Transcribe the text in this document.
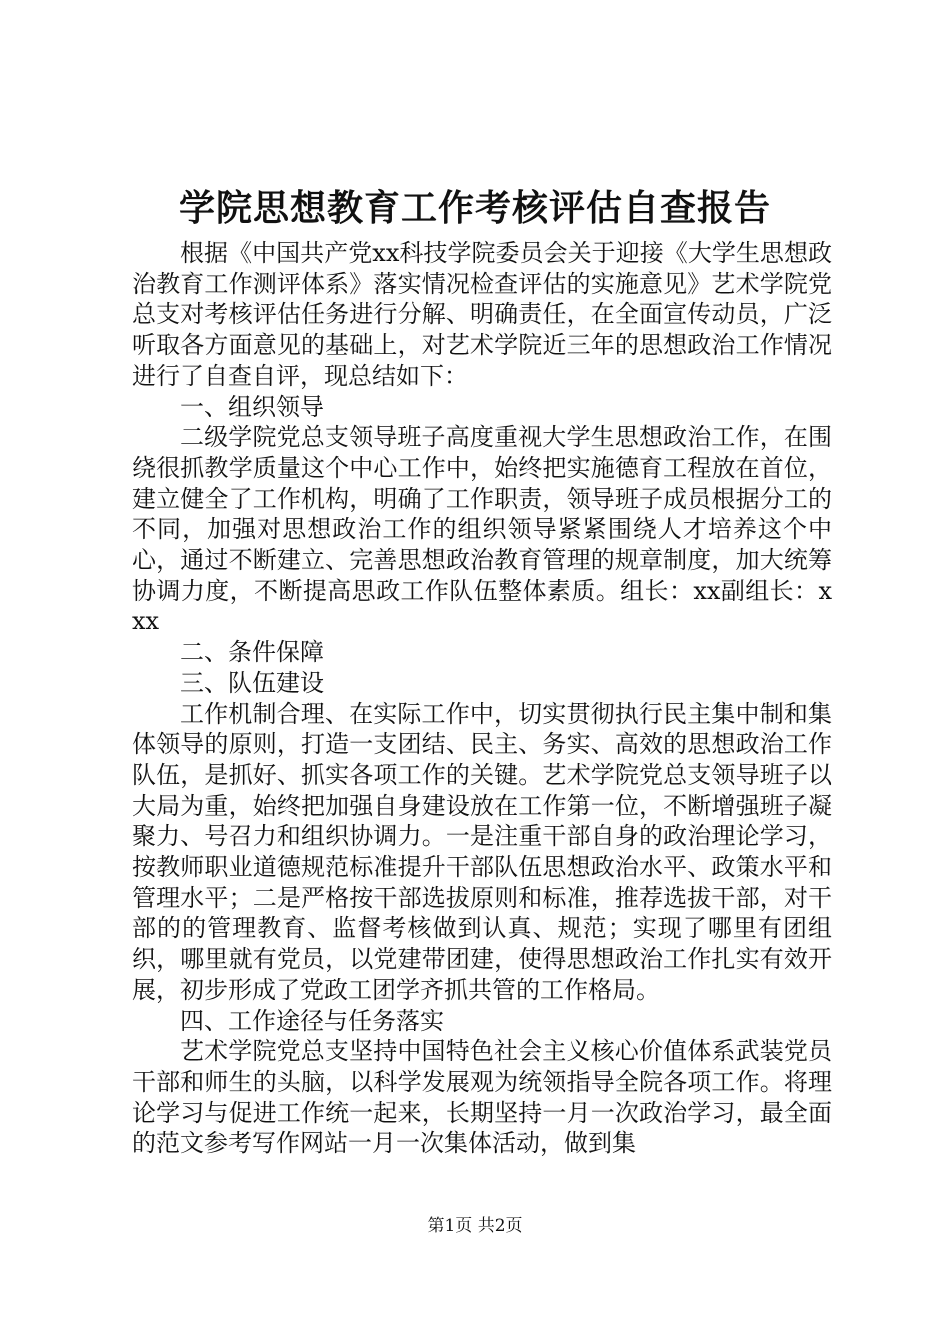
学院思想教育工作考核评估自查报告

根据《中国共产党xx科技学院委员会关于迎接《大学生思想政治教育工作测评体系》落实情况检查评估的实施意见》艺术学院党总支对考核评估任务进行分解、明确责任，在全面宣传动员，广泛听取各方面意见的基础上，对艺术学院近三年的思想政治工作情况进行了自查自评，现总结如下：

一、组织领导

二级学院党总支领导班子高度重视大学生思想政治工作，在围绕很抓教学质量这个中心工作中，始终把实施德育工程放在首位，建立健全了工作机构，明确了工作职责，领导班子成员根据分工的不同，加强对思想政治工作的组织领导紧紧围绕人才培养这个中心，通过不断建立、完善思想政治教育管理的规章制度，加大统筹协调力度，不断提高思政工作队伍整体素质。组长：xx副组长：xxx

二、条件保障

三、队伍建设

工作机制合理、在实际工作中，切实贯彻执行民主集中制和集体领导的原则，打造一支团结、民主、务实、高效的思想政治工作队伍，是抓好、抓实各项工作的关键。艺术学院党总支领导班子以大局为重，始终把加强自身建设放在工作第一位，不断增强班子凝聚力、号召力和组织协调力。一是注重干部自身的政治理论学习，按教师职业道德规范标准提升干部队伍思想政治水平、政策水平和管理水平；二是严格按干部选拔原则和标准，推荐选拔干部，对干部的的管理教育、监督考核做到认真、规范；实现了哪里有团组织，哪里就有党员，以党建带团建，使得思想政治工作扎实有效开展，初步形成了党政工团学齐抓共管的工作格局。

四、工作途径与任务落实

艺术学院党总支坚持中国特色社会主义核心价值体系武装党员干部和师生的头脑，以科学发展观为统领指导全院各项工作。将理论学习与促进工作统一起来，长期坚持一月一次政治学习，最全面的范文参考写作网站一月一次集体活动，做到集

第1页 共2页
